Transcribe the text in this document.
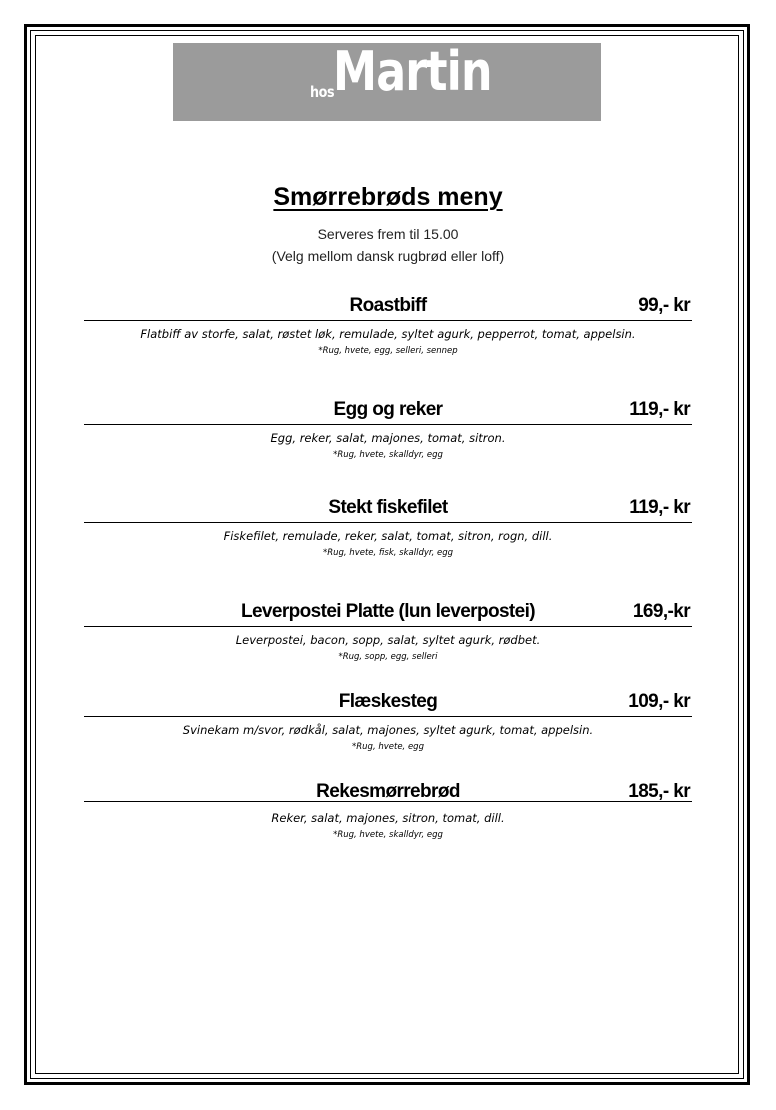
hos
Martin
Smørrebrøds meny
Serveres frem til 15.00
(Velg mellom dansk rugbrød eller loff)
Roastbiff	99,- kr
Flatbiff av storfe, salat, røstet løk, remulade, syltet agurk, pepperrot, tomat, appelsin.
*Rug, hvete, egg, selleri, sennep
Egg og reker	119,- kr
Egg, reker, salat, majones, tomat, sitron.
*Rug, hvete, skalldyr, egg
Stekt fiskefilet	119,- kr
Fiskefilet, remulade, reker, salat, tomat, sitron, rogn, dill.
*Rug, hvete, fisk, skalldyr, egg
Leverpostei Platte (lun leverpostei)	169,-kr
Leverpostei, bacon, sopp, salat, syltet agurk, rødbet.
*Rug, sopp, egg, selleri
Flæskesteg	109,- kr
Svinekam m/svor, rødkål, salat, majones, syltet agurk, tomat, appelsin.
*Rug, hvete, egg
Rekesmørrebrød	185,- kr
Reker, salat, majones, sitron, tomat, dill.
*Rug, hvete, skalldyr, egg
